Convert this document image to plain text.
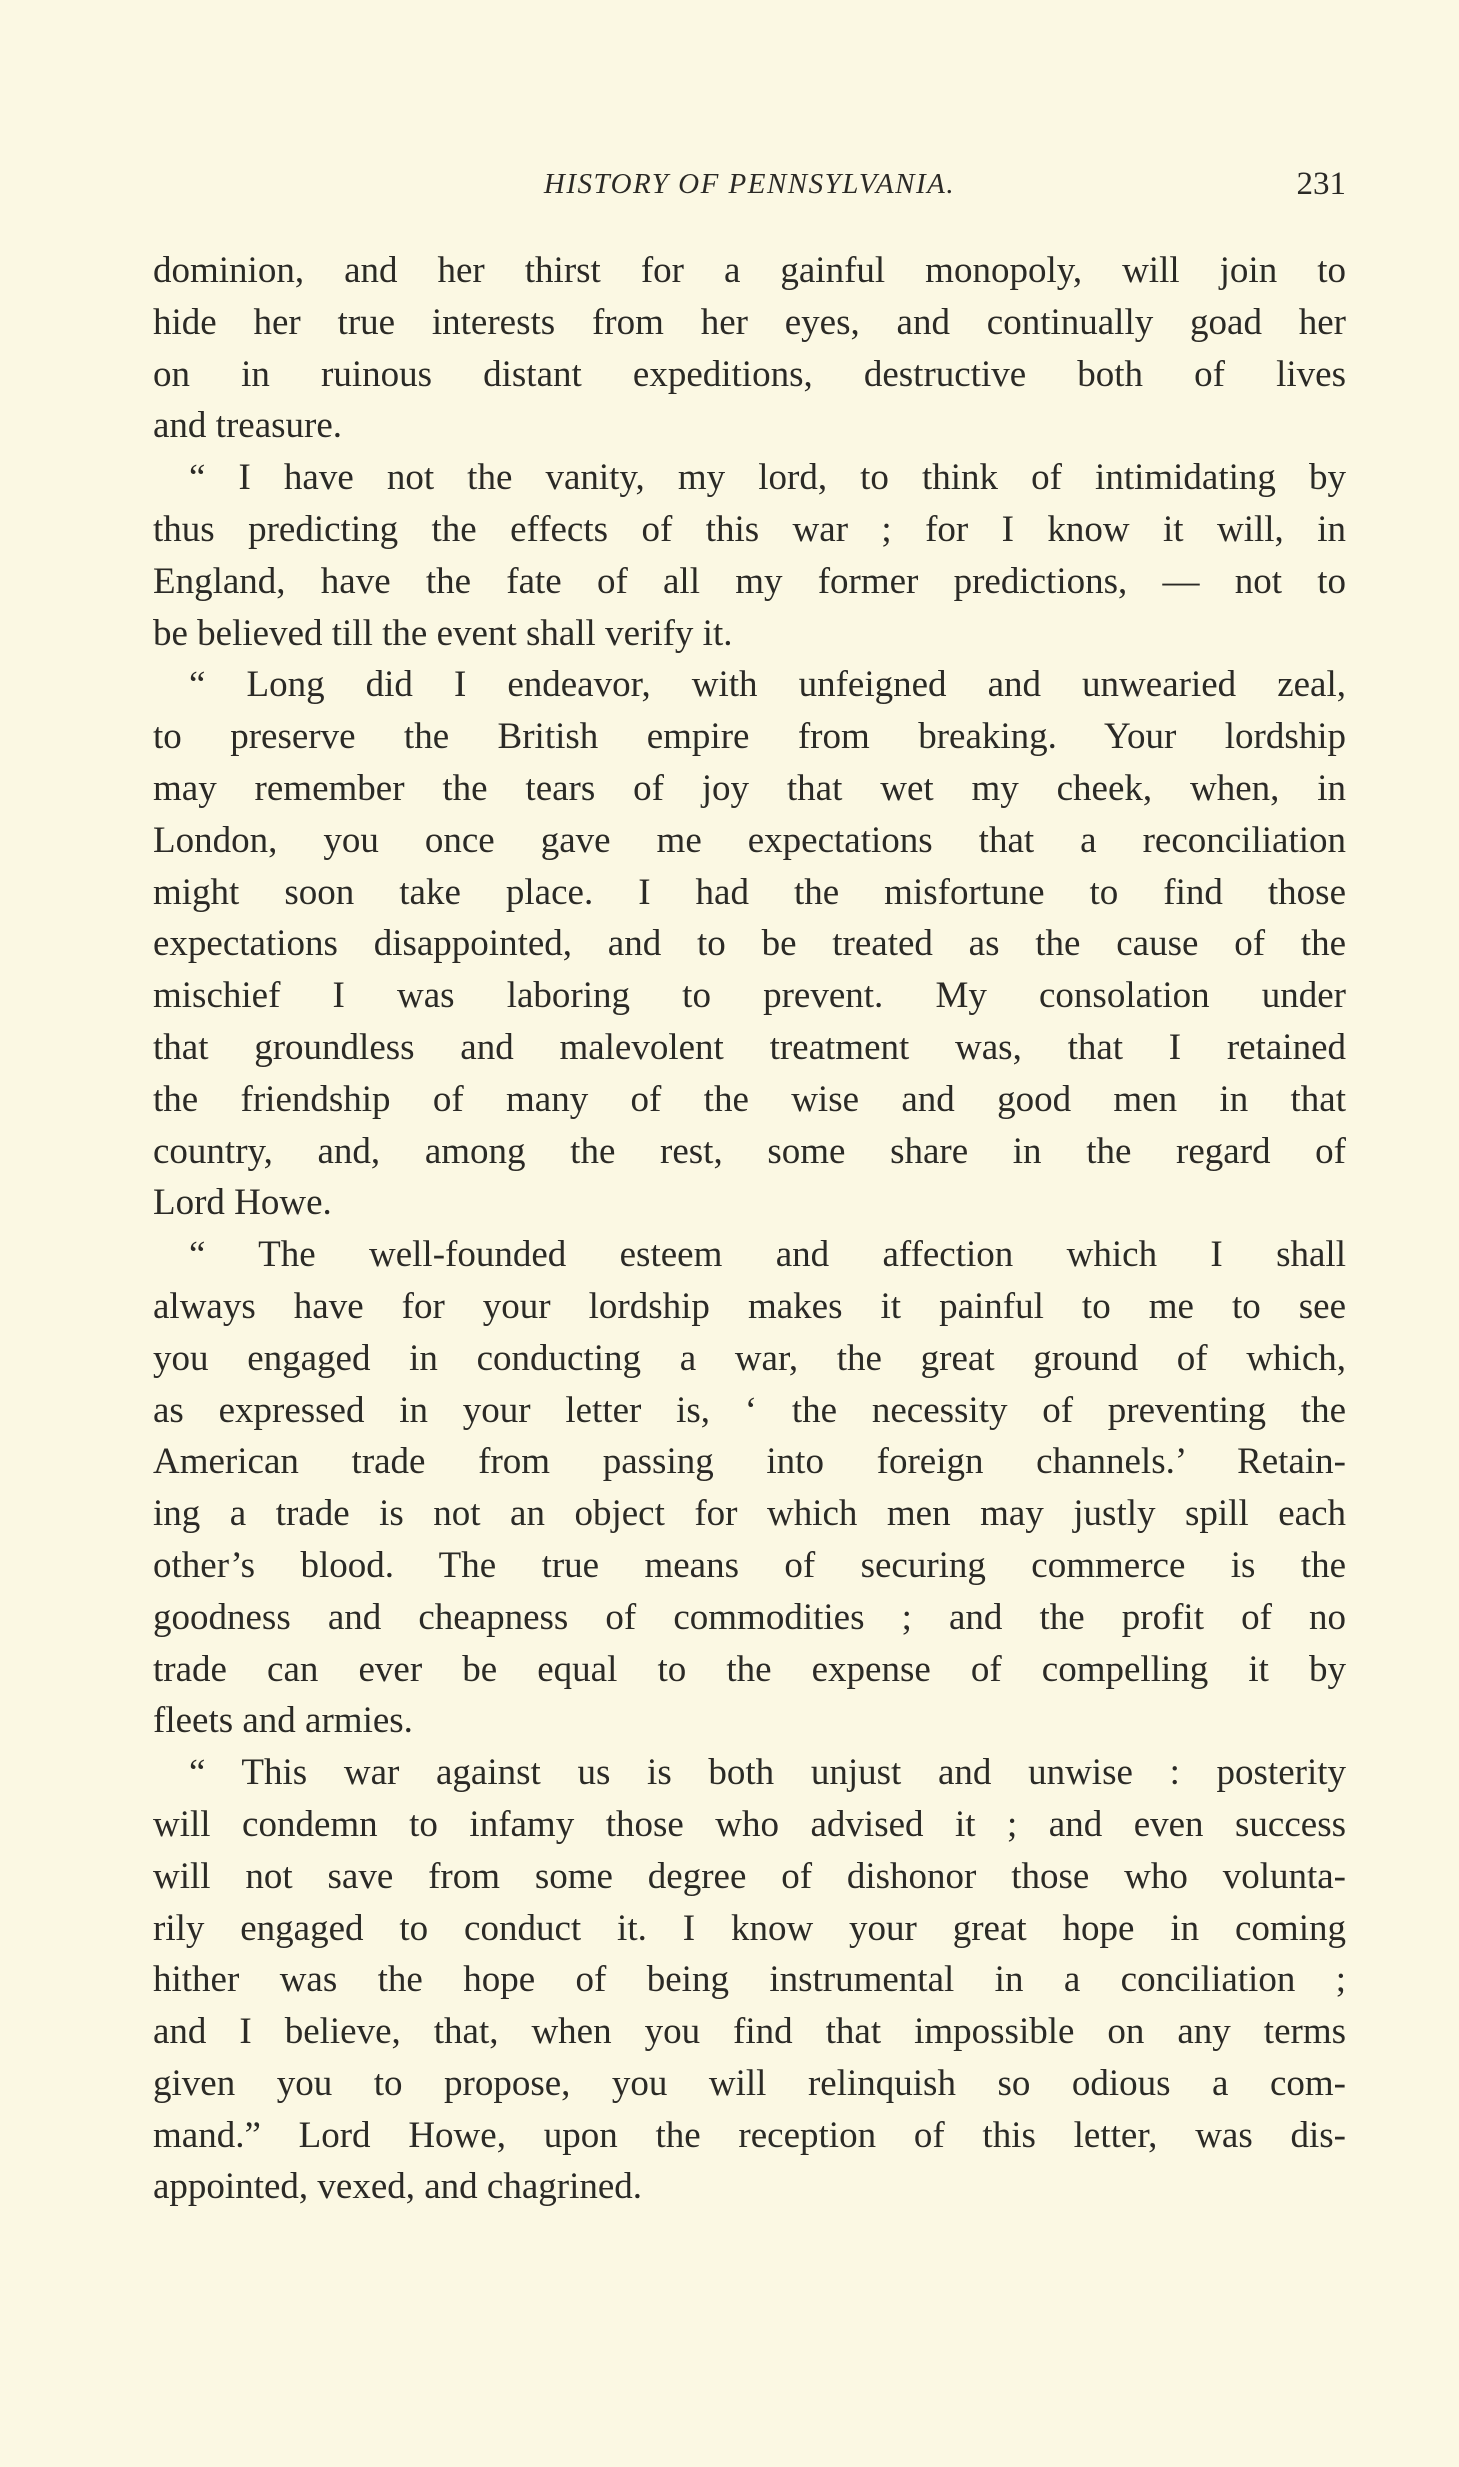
HISTORY OF PENNSYLVANIA.	231
dominion, and her thirst for a gainful monopoly, will join to
hide her true interests from her eyes, and continually goad her
on in ruinous distant expeditions, destructive both of lives
and treasure.
“ I have not the vanity, my lord, to think of intimidating by
thus predicting the effects of this war ; for I know it will, in
England, have the fate of all my former predictions, — not to
be believed till the event shall verify it.
“ Long did I endeavor, with unfeigned and unwearied zeal,
to preserve the British empire from breaking. Your lordship
may remember the tears of joy that wet my cheek, when, in
London, you once gave me expectations that a reconciliation
might soon take place. I had the misfortune to find those
expectations disappointed, and to be treated as the cause of the
mischief I was laboring to prevent. My consolation under
that groundless and malevolent treatment was, that I retained
the friendship of many of the wise and good men in that
country, and, among the rest, some share in the regard of
Lord Howe.
“ The well-founded esteem and affection which I shall
always have for your lordship makes it painful to me to see
you engaged in conducting a war, the great ground of which,
as expressed in your letter is, ‘ the necessity of preventing the
American trade from passing into foreign channels.’ Retain-
ing a trade is not an object for which men may justly spill each
other’s blood. The true means of securing commerce is the
goodness and cheapness of commodities ; and the profit of no
trade can ever be equal to the expense of compelling it by
fleets and armies.
“ This war against us is both unjust and unwise : posterity
will condemn to infamy those who advised it ; and even success
will not save from some degree of dishonor those who volunta-
rily engaged to conduct it. I know your great hope in coming
hither was the hope of being instrumental in a conciliation ;
and I believe, that, when you find that impossible on any terms
given you to propose, you will relinquish so odious a com-
mand.” Lord Howe, upon the reception of this letter, was dis-
appointed, vexed, and chagrined.
